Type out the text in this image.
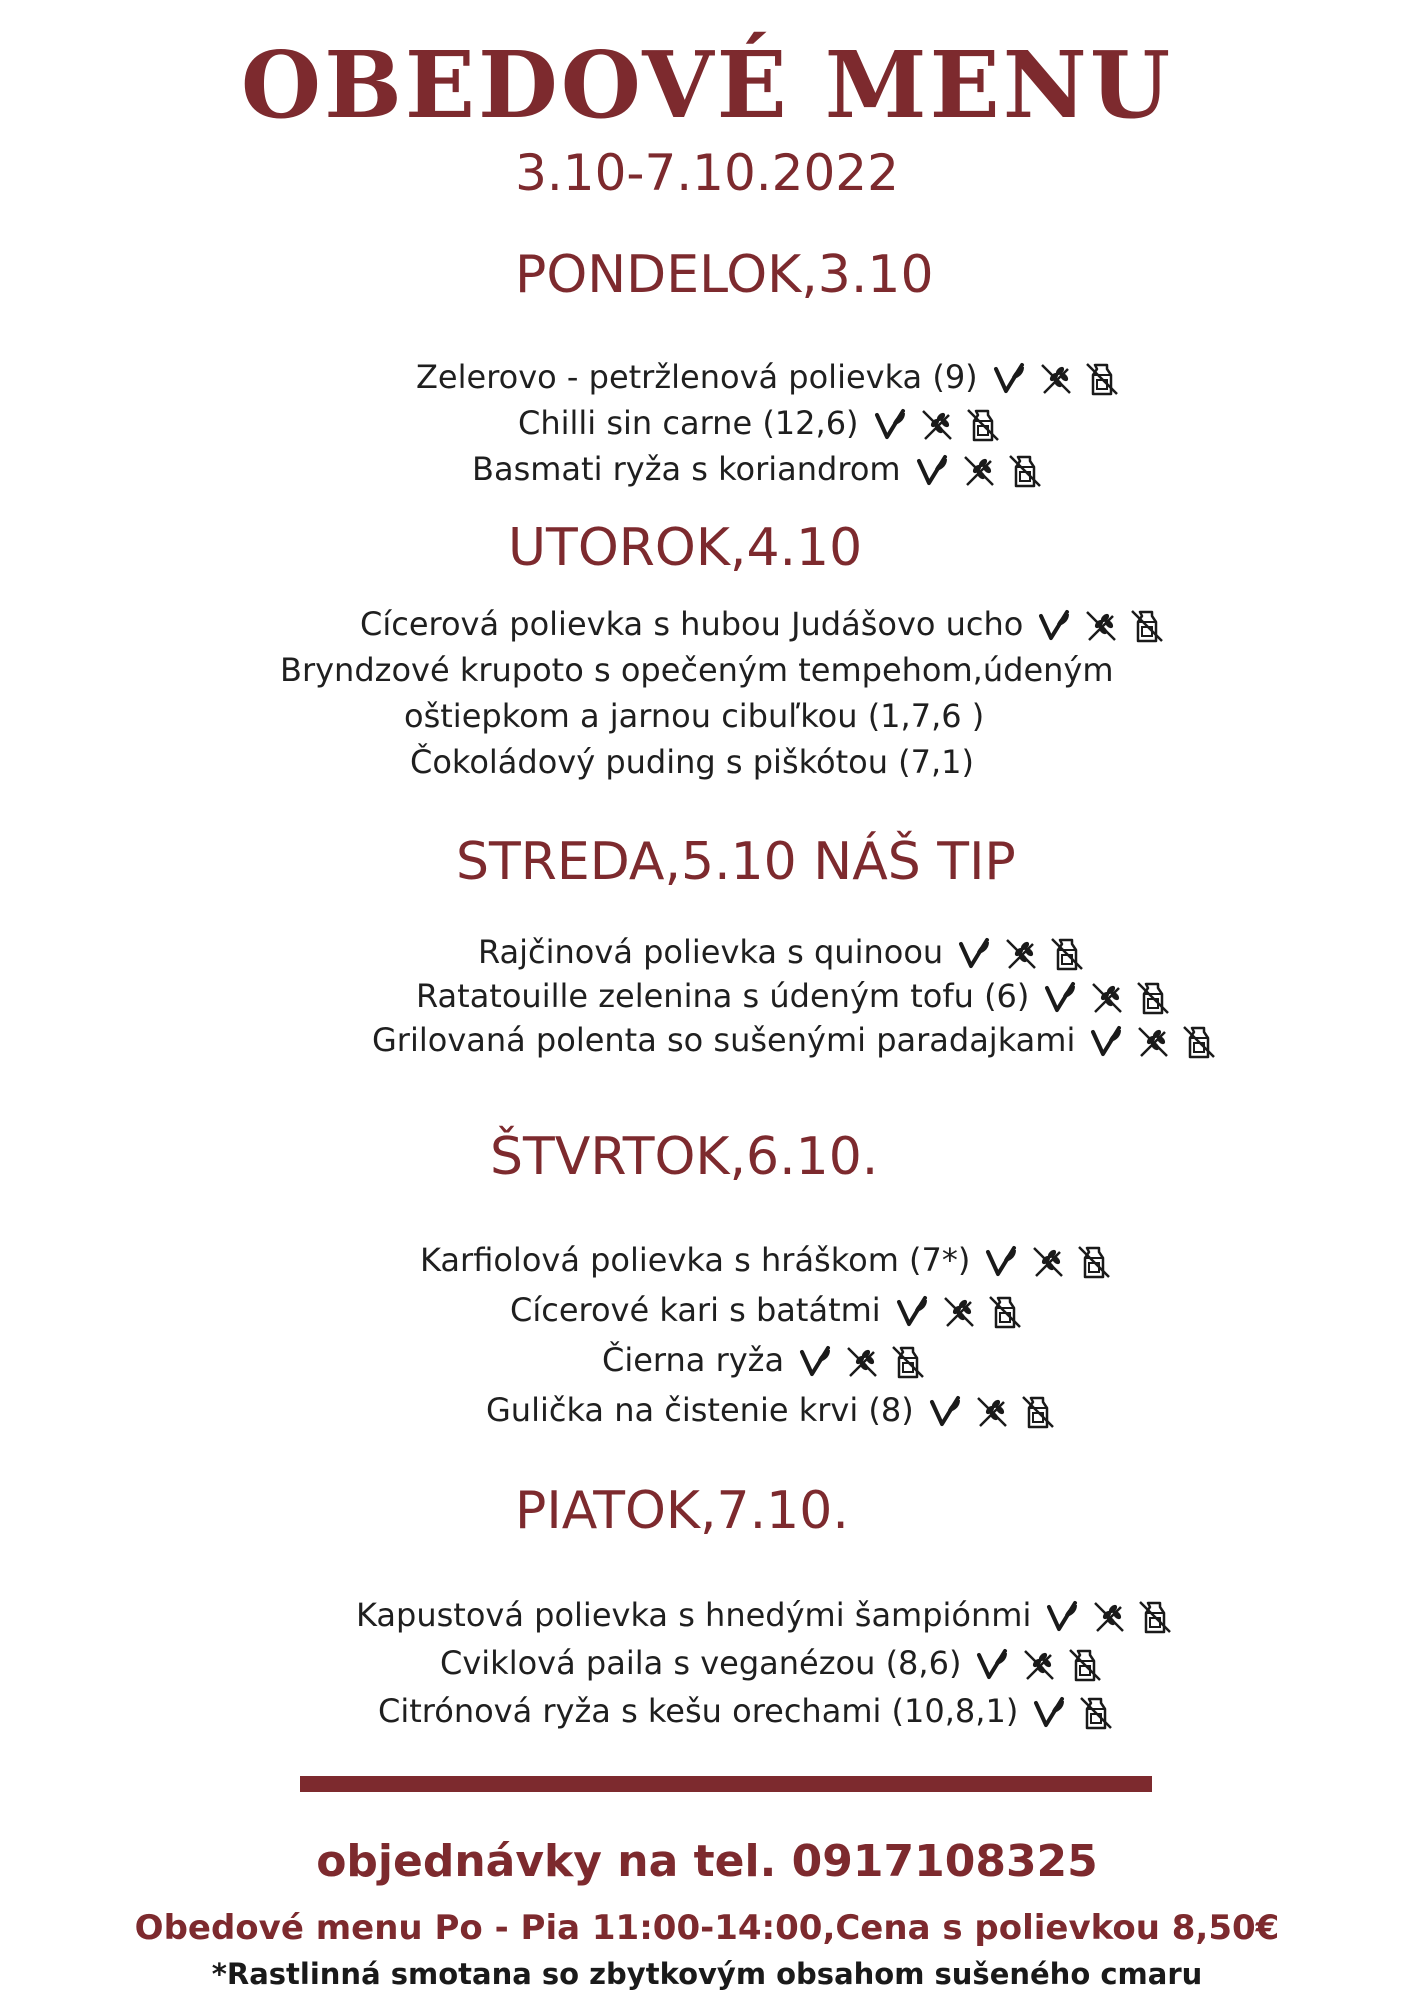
OBEDOVÉ MENU
3.10-7.10.2022
PONDELOK,3.10
Zelerovo - petržlenová polievka (9)
Chilli sin carne (12,6)
Basmati ryža s koriandrom
UTOROK,4.10
Cícerová polievka s hubou Judášovo ucho
Bryndzové krupoto s opečeným tempehom,údeným
oštiepkom a jarnou cibuľkou (1,7,6 )
Čokoládový puding s piškótou (7,1)
STREDA,5.10 NÁŠ TIP
Rajčinová polievka s quinoou
Ratatouille zelenina s údeným tofu (6)
Grilovaná polenta so sušenými paradajkami
ŠTVRTOK,6.10.
Karfiolová polievka s hráškom (7*)
Cícerové kari s batátmi
Čierna ryža
Gulička na čistenie krvi (8)
PIATOK,7.10.
Kapustová polievka s hnedými šampiónmi
Cviklová paila s veganézou (8,6)
Citrónová ryža s kešu orechami (10,8,1)
objednávky na tel. 0917108325
Obedové menu Po - Pia 11:00-14:00,Cena s polievkou 8,50€
*Rastlinná smotana so zbytkovým obsahom sušeného cmaru
